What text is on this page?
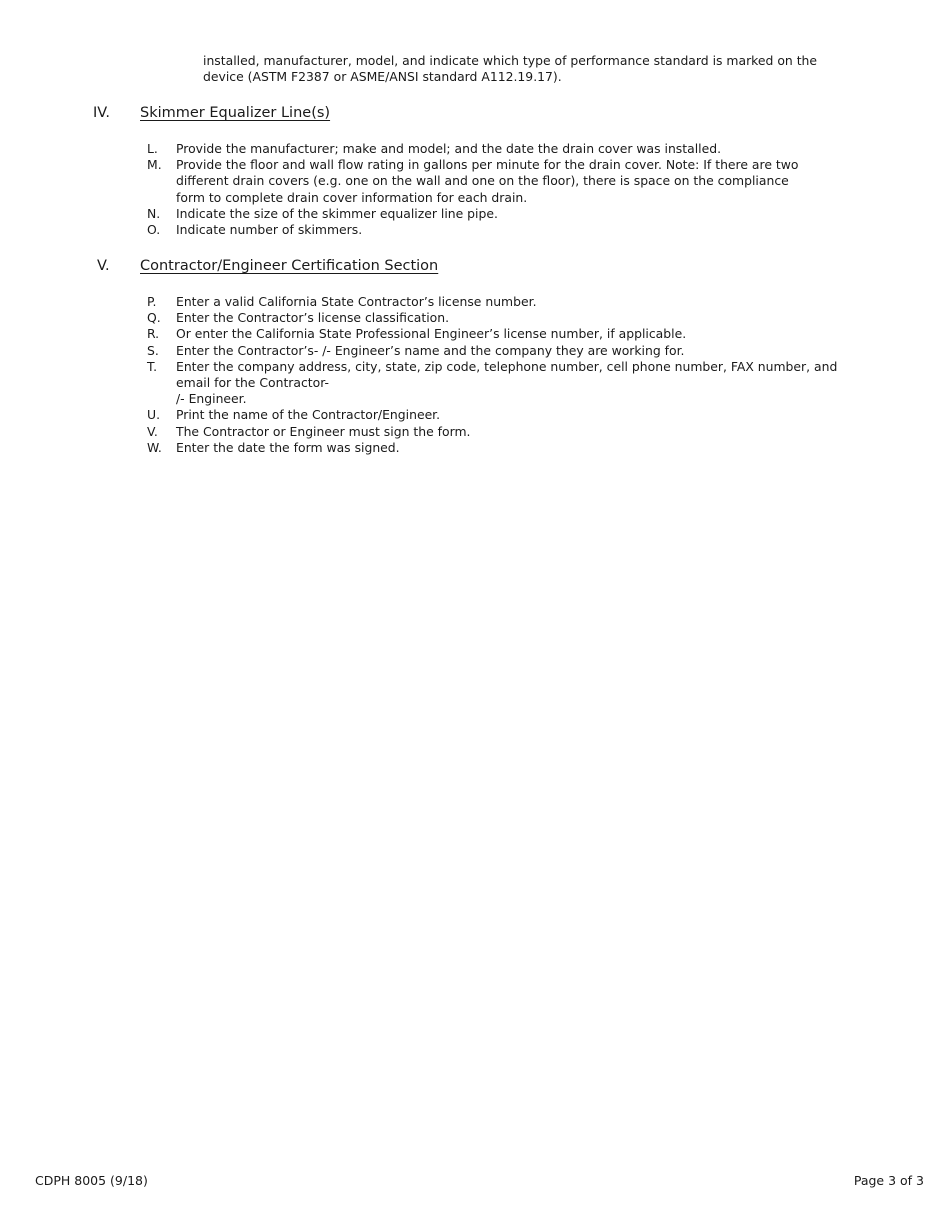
installed, manufacturer, model, and indicate which type of performance standard is marked on the device (ASTM F2387 or ASME/ANSI standard A112.19.17).
IV. Skimmer Equalizer Line(s)
L.	Provide the manufacturer; make and model; and the date the drain cover was installed.
M.	Provide the floor and wall flow rating in gallons per minute for the drain cover. Note: If there are two different drain covers (e.g. one on the wall and one on the floor), there is space on the compliance form to complete drain cover information for each drain.
N.	Indicate the size of the skimmer equalizer line pipe.
O.	Indicate number of skimmers.
V. Contractor/Engineer Certification Section
P.	Enter a valid California State Contractor’s license number.
Q.	Enter the Contractor’s license classification.
R.	Or enter the California State Professional Engineer’s license number, if applicable.
S.	Enter the Contractor’s- /- Engineer’s name and the company they are working for.
T.	Enter the company address, city, state, zip code, telephone number, cell phone number, FAX number, and email for the Contractor-
/- Engineer.
U.	Print the name of the Contractor/Engineer.
V.	The Contractor or Engineer must sign the form.
W.	Enter the date the form was signed.
CDPH 8005 (9/18)	Page 3 of 3
